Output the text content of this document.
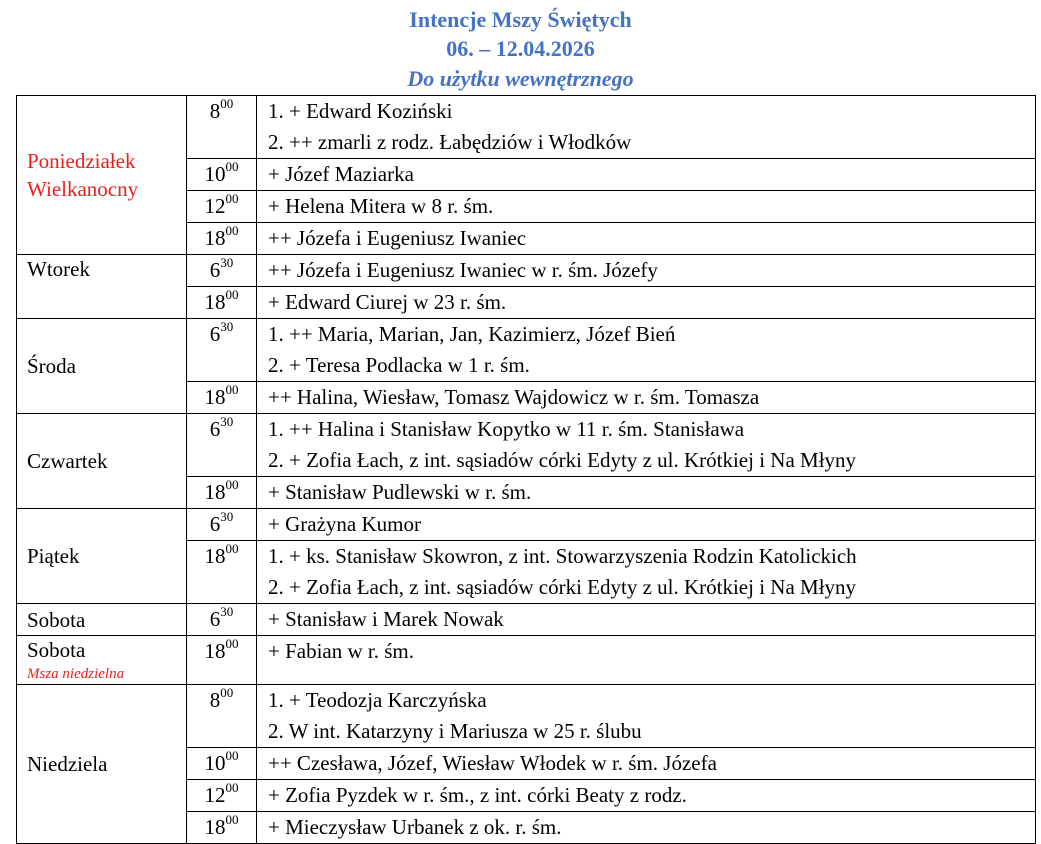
Intencje Mszy Świętych
06. – 12.04.2026
Do użytku wewnętrznego
Poniedziałek
Wielkanocny	$8^{00}$	1. + Edward Koziński
2. ++ zmarli z rodz. Łabędziów i Włodków

	$10^{00}$	+ Józef Maziarka

	$12^{00}$	+ Helena Mitera w 8 r. śm.

	$18^{00}$	++ Józefa i Eugeniusz Iwaniec

Wtorek	$6^{30}$	++ Józefa i Eugeniusz Iwaniec w r. śm. Józefy

	$18^{00}$	+ Edward Ciurej w 23 r. śm.

Środa	$6^{30}$	1. ++ Maria, Marian, Jan, Kazimierz, Józef Bień
2. + Teresa Podlacka w 1 r. śm.

	$18^{00}$	++ Halina, Wiesław, Tomasz Wajdowicz w r. śm. Tomasza

Czwartek	$6^{30}$	1. ++ Halina i Stanisław Kopytko w 11 r. śm. Stanisława
2. + Zofia Łach, z int. sąsiadów córki Edyty z ul. Krótkiej i Na Młyny

	$18^{00}$	+ Stanisław Pudlewski w r. śm.

Piątek	$6^{30}$	+ Grażyna Kumor

	$18^{00}$	1. + ks. Stanisław Skowron, z int. Stowarzyszenia Rodzin Katolickich
2. + Zofia Łach, z int. sąsiadów córki Edyty z ul. Krótkiej i Na Młyny

Sobota	$6^{30}$	+ Stanisław i Marek Nowak

Sobota
Msza niedzielna	$18^{00}$	+ Fabian w r. śm.

Niedziela	$8^{00}$	1. + Teodozja Karczyńska
2. W int. Katarzyny i Mariusza w 25 r. ślubu

	$10^{00}$	++ Czesława, Józef, Wiesław Włodek w r. śm. Józefa

	$12^{00}$	+ Zofia Pyzdek w r. śm., z int. córki Beaty z rodz.

	$18^{00}$	+ Mieczysław Urbanek z ok. r. śm.
